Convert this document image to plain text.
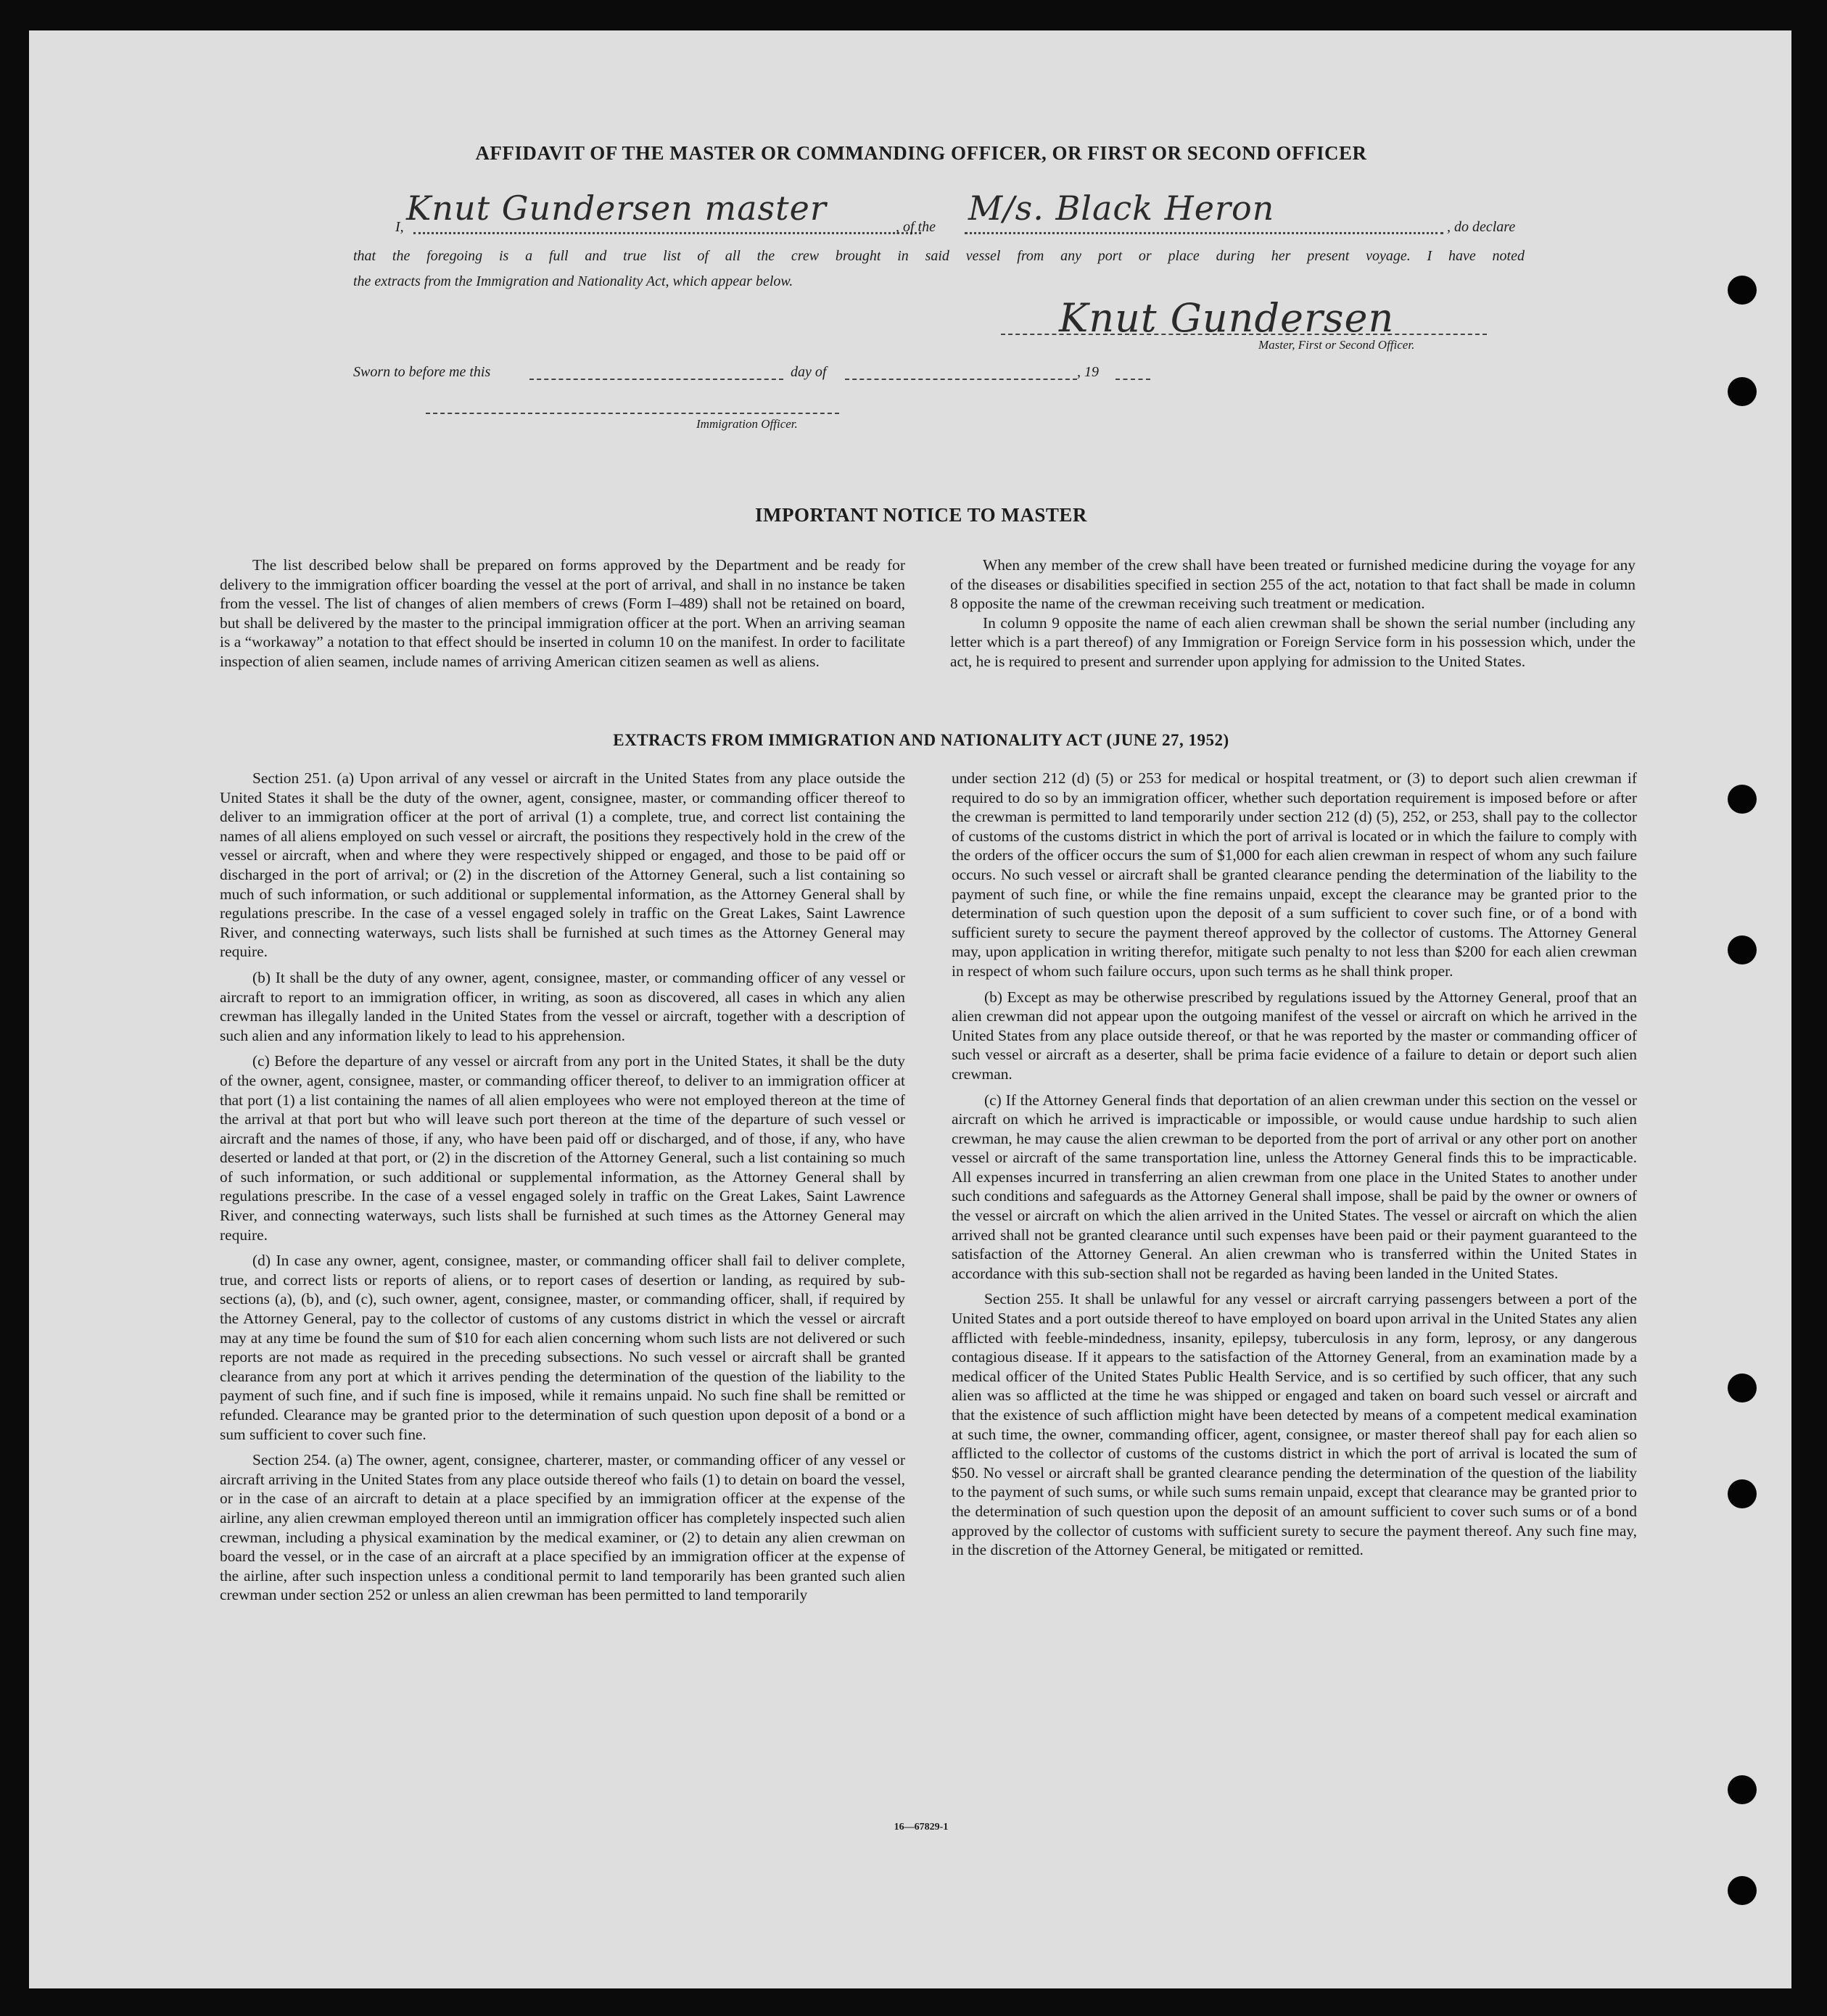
AFFIDAVIT OF THE MASTER OR COMMANDING OFFICER, OR FIRST OR SECOND OFFICER
I, Knut Gundersen master	, of the M/s. Black Heron	, do declare
that the foregoing is a full and true list of all the crew brought in said vessel from any port or place during her present voyage. I have noted
the extracts from the Immigration and Nationality Act, which appear below.
Knut Gundersen
Master, First or Second Officer.
Sworn to before me this	day of	, 19
Immigration Officer.
IMPORTANT NOTICE TO MASTER

The list described below shall be prepared on forms approved by the Department and be ready for delivery to the immigration officer boarding the vessel at the port of arrival, and shall in no instance be taken from the vessel. The list of changes of alien members of crews (Form I–489) shall not be retained on board, but shall be delivered by the master to the principal immigration officer at the port. When an arriving seaman is a “workaway” a notation to that effect should be inserted in column 10 on the manifest. In order to facilitate inspection of alien seamen, include names of arriving American citizen seamen as well as aliens.

When any member of the crew shall have been treated or furnished medicine during the voyage for any of the diseases or disabilities specified in section 255 of the act, notation to that fact shall be made in column 8 opposite the name of the crewman receiving such treatment or medication.

In column 9 opposite the name of each alien crewman shall be shown the serial number (including any letter which is a part thereof) of any Immigration or Foreign Service form in his possession which, under the act, he is required to present and surrender upon applying for admission to the United States.

EXTRACTS FROM IMMIGRATION AND NATIONALITY ACT (JUNE 27, 1952)

Section 251. (a) Upon arrival of any vessel or aircraft in the United States from any place outside the United States it shall be the duty of the owner, agent, consignee, master, or commanding officer thereof to deliver to an immigration officer at the port of arrival (1) a complete, true, and correct list containing the names of all aliens employed on such vessel or aircraft, the positions they respectively hold in the crew of the vessel or aircraft, when and where they were respectively shipped or engaged, and those to be paid off or discharged in the port of arrival; or (2) in the discretion of the Attorney General, such a list containing so much of such information, or such additional or supplemental information, as the Attorney General shall by regulations prescribe. In the case of a vessel engaged solely in traffic on the Great Lakes, Saint Lawrence River, and connecting waterways, such lists shall be furnished at such times as the Attorney General may require.

(b) It shall be the duty of any owner, agent, consignee, master, or commanding officer of any vessel or aircraft to report to an immigration officer, in writing, as soon as discovered, all cases in which any alien crewman has illegally landed in the United States from the vessel or aircraft, together with a description of such alien and any information likely to lead to his apprehension.

(c) Before the departure of any vessel or aircraft from any port in the United States, it shall be the duty of the owner, agent, consignee, master, or commanding officer thereof, to deliver to an immigration officer at that port (1) a list containing the names of all alien employees who were not employed thereon at the time of the arrival at that port but who will leave such port thereon at the time of the departure of such vessel or aircraft and the names of those, if any, who have been paid off or discharged, and of those, if any, who have deserted or landed at that port, or (2) in the discretion of the Attorney General, such a list containing so much of such information, or such additional or supplemental information, as the Attorney General shall by regulations prescribe. In the case of a vessel engaged solely in traffic on the Great Lakes, Saint Lawrence River, and connecting waterways, such lists shall be furnished at such times as the Attorney General may require.

(d) In case any owner, agent, consignee, master, or commanding officer shall fail to deliver complete, true, and correct lists or reports of aliens, or to report cases of desertion or landing, as required by sub-sections (a), (b), and (c), such owner, agent, consignee, master, or commanding officer, shall, if required by the Attorney General, pay to the collector of customs of any customs district in which the vessel or aircraft may at any time be found the sum of $10 for each alien concerning whom such lists are not delivered or such reports are not made as required in the preceding subsections. No such vessel or aircraft shall be granted clearance from any port at which it arrives pending the determination of the question of the liability to the payment of such fine, and if such fine is imposed, while it remains unpaid. No such fine shall be remitted or refunded. Clearance may be granted prior to the determination of such question upon deposit of a bond or a sum sufficient to cover such fine.

Section 254. (a) The owner, agent, consignee, charterer, master, or commanding officer of any vessel or aircraft arriving in the United States from any place outside thereof who fails (1) to detain on board the vessel, or in the case of an aircraft to detain at a place specified by an immigration officer at the expense of the airline, any alien crewman employed thereon until an immigration officer has completely inspected such alien crewman, including a physical examination by the medical examiner, or (2) to detain any alien crewman on board the vessel, or in the case of an aircraft at a place specified by an immigration officer at the expense of the airline, after such inspection unless a conditional permit to land temporarily has been granted such alien crewman under section 252 or unless an alien crewman has been permitted to land temporarily

under section 212 (d) (5) or 253 for medical or hospital treatment, or (3) to deport such alien crewman if required to do so by an immigration officer, whether such deportation requirement is imposed before or after the crewman is permitted to land temporarily under section 212 (d) (5), 252, or 253, shall pay to the collector of customs of the customs district in which the port of arrival is located or in which the failure to comply with the orders of the officer occurs the sum of $1,000 for each alien crewman in respect of whom any such failure occurs. No such vessel or aircraft shall be granted clearance pending the determination of the liability to the payment of such fine, or while the fine remains unpaid, except the clearance may be granted prior to the determination of such question upon the deposit of a sum sufficient to cover such fine, or of a bond with sufficient surety to secure the payment thereof approved by the collector of customs. The Attorney General may, upon application in writing therefor, mitigate such penalty to not less than $200 for each alien crewman in respect of whom such failure occurs, upon such terms as he shall think proper.

(b) Except as may be otherwise prescribed by regulations issued by the Attorney General, proof that an alien crewman did not appear upon the outgoing manifest of the vessel or aircraft on which he arrived in the United States from any place outside thereof, or that he was reported by the master or commanding officer of such vessel or aircraft as a deserter, shall be prima facie evidence of a failure to detain or deport such alien crewman.

(c) If the Attorney General finds that deportation of an alien crewman under this section on the vessel or aircraft on which he arrived is impracticable or impossible, or would cause undue hardship to such alien crewman, he may cause the alien crewman to be deported from the port of arrival or any other port on another vessel or aircraft of the same transportation line, unless the Attorney General finds this to be impracticable. All expenses incurred in transferring an alien crewman from one place in the United States to another under such conditions and safeguards as the Attorney General shall impose, shall be paid by the owner or owners of the vessel or aircraft on which the alien arrived in the United States. The vessel or aircraft on which the alien arrived shall not be granted clearance until such expenses have been paid or their payment guaranteed to the satisfaction of the Attorney General. An alien crewman who is transferred within the United States in accordance with this sub-section shall not be regarded as having been landed in the United States.

Section 255. It shall be unlawful for any vessel or aircraft carrying passengers between a port of the United States and a port outside thereof to have employed on board upon arrival in the United States any alien afflicted with feeble-mindedness, insanity, epilepsy, tuberculosis in any form, leprosy, or any dangerous contagious disease. If it appears to the satisfaction of the Attorney General, from an examination made by a medical officer of the United States Public Health Service, and is so certified by such officer, that any such alien was so afflicted at the time he was shipped or engaged and taken on board such vessel or aircraft and that the existence of such affliction might have been detected by means of a competent medical examination at such time, the owner, commanding officer, agent, consignee, or master thereof shall pay for each alien so afflicted to the collector of customs of the customs district in which the port of arrival is located the sum of $50. No vessel or aircraft shall be granted clearance pending the determination of the question of the liability to the payment of such sums, or while such sums remain unpaid, except that clearance may be granted prior to the determination of such question upon the deposit of an amount sufficient to cover such sums or of a bond approved by the collector of customs with sufficient surety to secure the payment thereof. Any such fine may, in the discretion of the Attorney General, be mitigated or remitted.

16—67829-1
